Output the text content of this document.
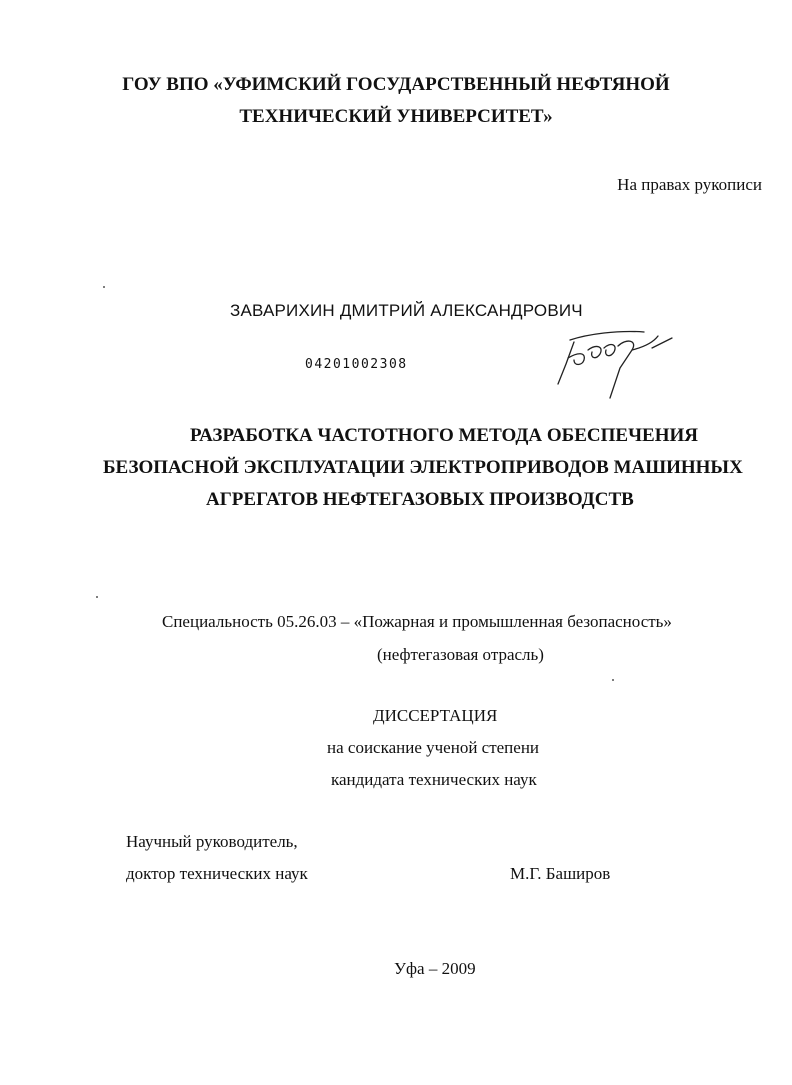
ГОУ ВПО «УФИМСКИЙ ГОСУДАРСТВЕННЫЙ НЕФТЯНОЙ
ТЕХНИЧЕСКИЙ УНИВЕРСИТЕТ»
На правах рукописи
ЗАВАРИХИН ДМИТРИЙ АЛЕКСАНДРОВИЧ
04201002308
РАЗРАБОТКА ЧАСТОТНОГО МЕТОДА ОБЕСПЕЧЕНИЯ
БЕЗОПАСНОЙ ЭКСПЛУАТАЦИИ ЭЛЕКТРОПРИВОДОВ МАШИННЫХ
АГРЕГАТОВ НЕФТЕГАЗОВЫХ ПРОИЗВОДСТВ
Специальность 05.26.03 – «Пожарная и промышленная безопасность»
(нефтегазовая отрасль)
ДИССЕРТАЦИЯ
на соискание ученой степени
кандидата технических наук
Научный руководитель,
доктор технических наук	М.Г. Баширов
Уфа – 2009
